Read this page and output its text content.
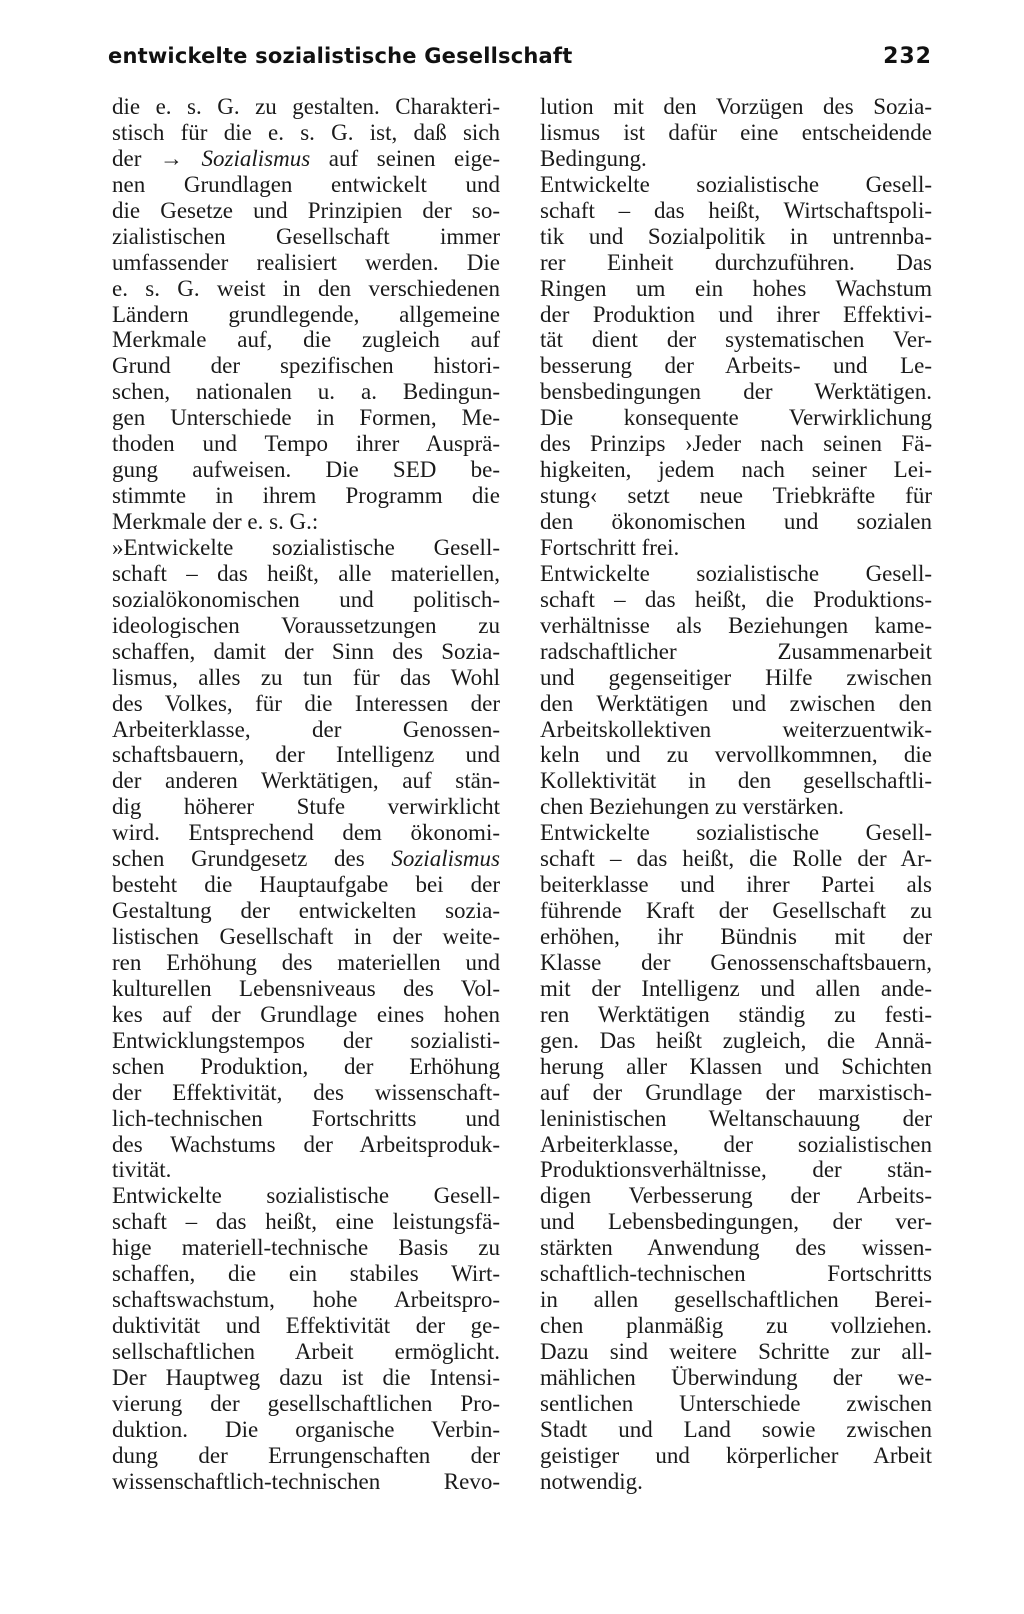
entwickelte sozialistische Gesellschaft	232
die e. s. G. zu gestalten. Charakteri-
stisch für die e. s. G. ist, daß sich
der → Sozialismus auf seinen eige-
nen Grundlagen entwickelt und
die Gesetze und Prinzipien der so-
zialistischen Gesellschaft immer
umfassender realisiert werden. Die
e. s. G. weist in den verschiedenen
Ländern grundlegende, allgemeine
Merkmale auf, die zugleich auf
Grund der spezifischen histori-
schen, nationalen u. a. Bedingun-
gen Unterschiede in Formen, Me-
thoden und Tempo ihrer Ausprä-
gung aufweisen. Die SED be-
stimmte in ihrem Programm die
Merkmale der e. s. G.:
»Entwickelte sozialistische Gesell-
schaft – das heißt, alle materiellen,
sozialökonomischen und politisch-
ideologischen Voraussetzungen zu
schaffen, damit der Sinn des Sozia-
lismus, alles zu tun für das Wohl
des Volkes, für die Interessen der
Arbeiterklasse, der Genossen-
schaftsbauern, der Intelligenz und
der anderen Werktätigen, auf stän-
dig höherer Stufe verwirklicht
wird. Entsprechend dem ökonomi-
schen Grundgesetz des Sozialismus
besteht die Hauptaufgabe bei der
Gestaltung der entwickelten sozia-
listischen Gesellschaft in der weite-
ren Erhöhung des materiellen und
kulturellen Lebensniveaus des Vol-
kes auf der Grundlage eines hohen
Entwicklungstempos der sozialisti-
schen Produktion, der Erhöhung
der Effektivität, des wissenschaft-
lich-technischen Fortschritts und
des Wachstums der Arbeitsproduk-
tivität.
Entwickelte sozialistische Gesell-
schaft – das heißt, eine leistungsfä-
hige materiell-technische Basis zu
schaffen, die ein stabiles Wirt-
schaftswachstum, hohe Arbeitspro-
duktivität und Effektivität der ge-
sellschaftlichen Arbeit ermöglicht.
Der Hauptweg dazu ist die Intensi-
vierung der gesellschaftlichen Pro-
duktion. Die organische Verbin-
dung der Errungenschaften der
wissenschaftlich-technischen Revo-
lution mit den Vorzügen des Sozia-
lismus ist dafür eine entscheidende
Bedingung.
Entwickelte sozialistische Gesell-
schaft – das heißt, Wirtschaftspoli-
tik und Sozialpolitik in untrennba-
rer Einheit durchzuführen. Das
Ringen um ein hohes Wachstum
der Produktion und ihrer Effektivi-
tät dient der systematischen Ver-
besserung der Arbeits- und Le-
bensbedingungen der Werktätigen.
Die konsequente Verwirklichung
des Prinzips ›Jeder nach seinen Fä-
higkeiten, jedem nach seiner Lei-
stung‹ setzt neue Triebkräfte für
den ökonomischen und sozialen
Fortschritt frei.
Entwickelte sozialistische Gesell-
schaft – das heißt, die Produktions-
verhältnisse als Beziehungen kame-
radschaftlicher Zusammenarbeit
und gegenseitiger Hilfe zwischen
den Werktätigen und zwischen den
Arbeitskollektiven weiterzuentwik-
keln und zu vervollkommnen, die
Kollektivität in den gesellschaftli-
chen Beziehungen zu verstärken.
Entwickelte sozialistische Gesell-
schaft – das heißt, die Rolle der Ar-
beiterklasse und ihrer Partei als
führende Kraft der Gesellschaft zu
erhöhen, ihr Bündnis mit der
Klasse der Genossenschaftsbauern,
mit der Intelligenz und allen ande-
ren Werktätigen ständig zu festi-
gen. Das heißt zugleich, die Annä-
herung aller Klassen und Schichten
auf der Grundlage der marxistisch-
leninistischen Weltanschauung der
Arbeiterklasse, der sozialistischen
Produktionsverhältnisse, der stän-
digen Verbesserung der Arbeits-
und Lebensbedingungen, der ver-
stärkten Anwendung des wissen-
schaftlich-technischen Fortschritts
in allen gesellschaftlichen Berei-
chen planmäßig zu vollziehen.
Dazu sind weitere Schritte zur all-
mählichen Überwindung der we-
sentlichen Unterschiede zwischen
Stadt und Land sowie zwischen
geistiger und körperlicher Arbeit
notwendig.
